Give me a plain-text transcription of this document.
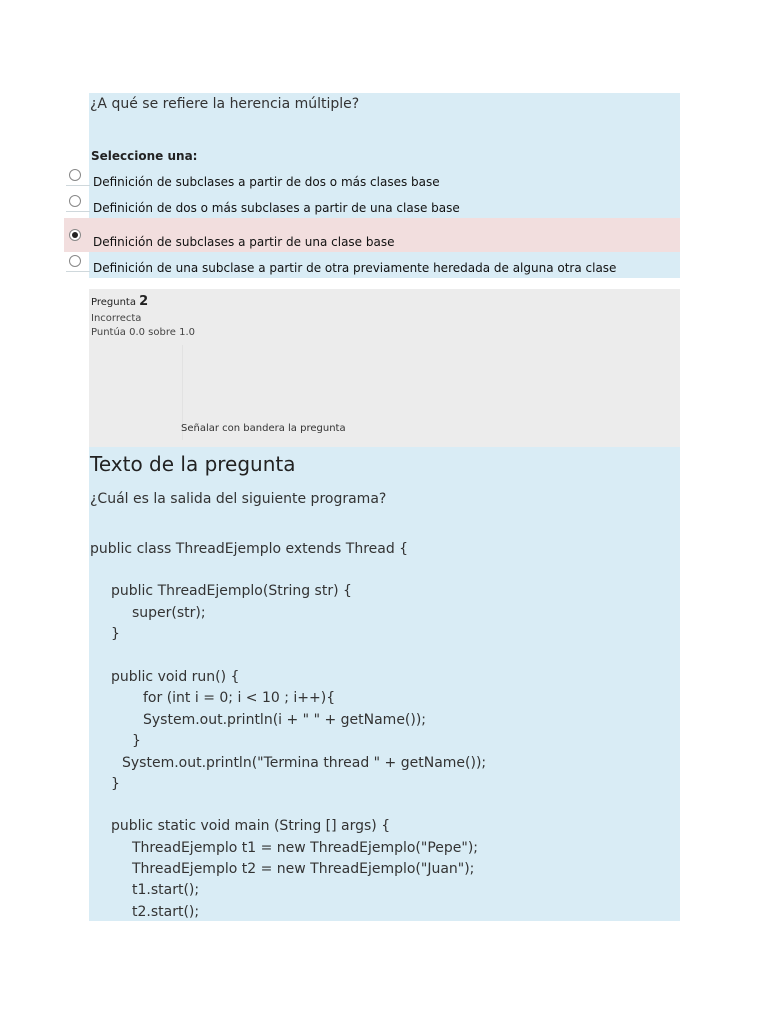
¿A qué se refiere la herencia múltiple?
Seleccione una:
Definición de subclases a partir de dos o más clases base
Definición de dos o más subclases a partir de una clase base
Definición de subclases a partir de una clase base
Definición de una subclase a partir de otra previamente heredada de alguna otra clase
Pregunta 2
Incorrecta
Puntúa 0.0 sobre 1.0
Señalar con bandera la pregunta
Texto de la pregunta
¿Cuál es la salida del siguiente programa?
public class ThreadEjemplo extends Thread {
public ThreadEjemplo(String str) {
super(str);
}
public void run() {
for (int i = 0; i < 10 ; i++){
System.out.println(i + " " + getName());
}
System.out.println("Termina thread " + getName());
}
public static void main (String [] args) {
ThreadEjemplo t1 = new ThreadEjemplo("Pepe");
ThreadEjemplo t2 = new ThreadEjemplo("Juan");
t1.start();
t2.start();
